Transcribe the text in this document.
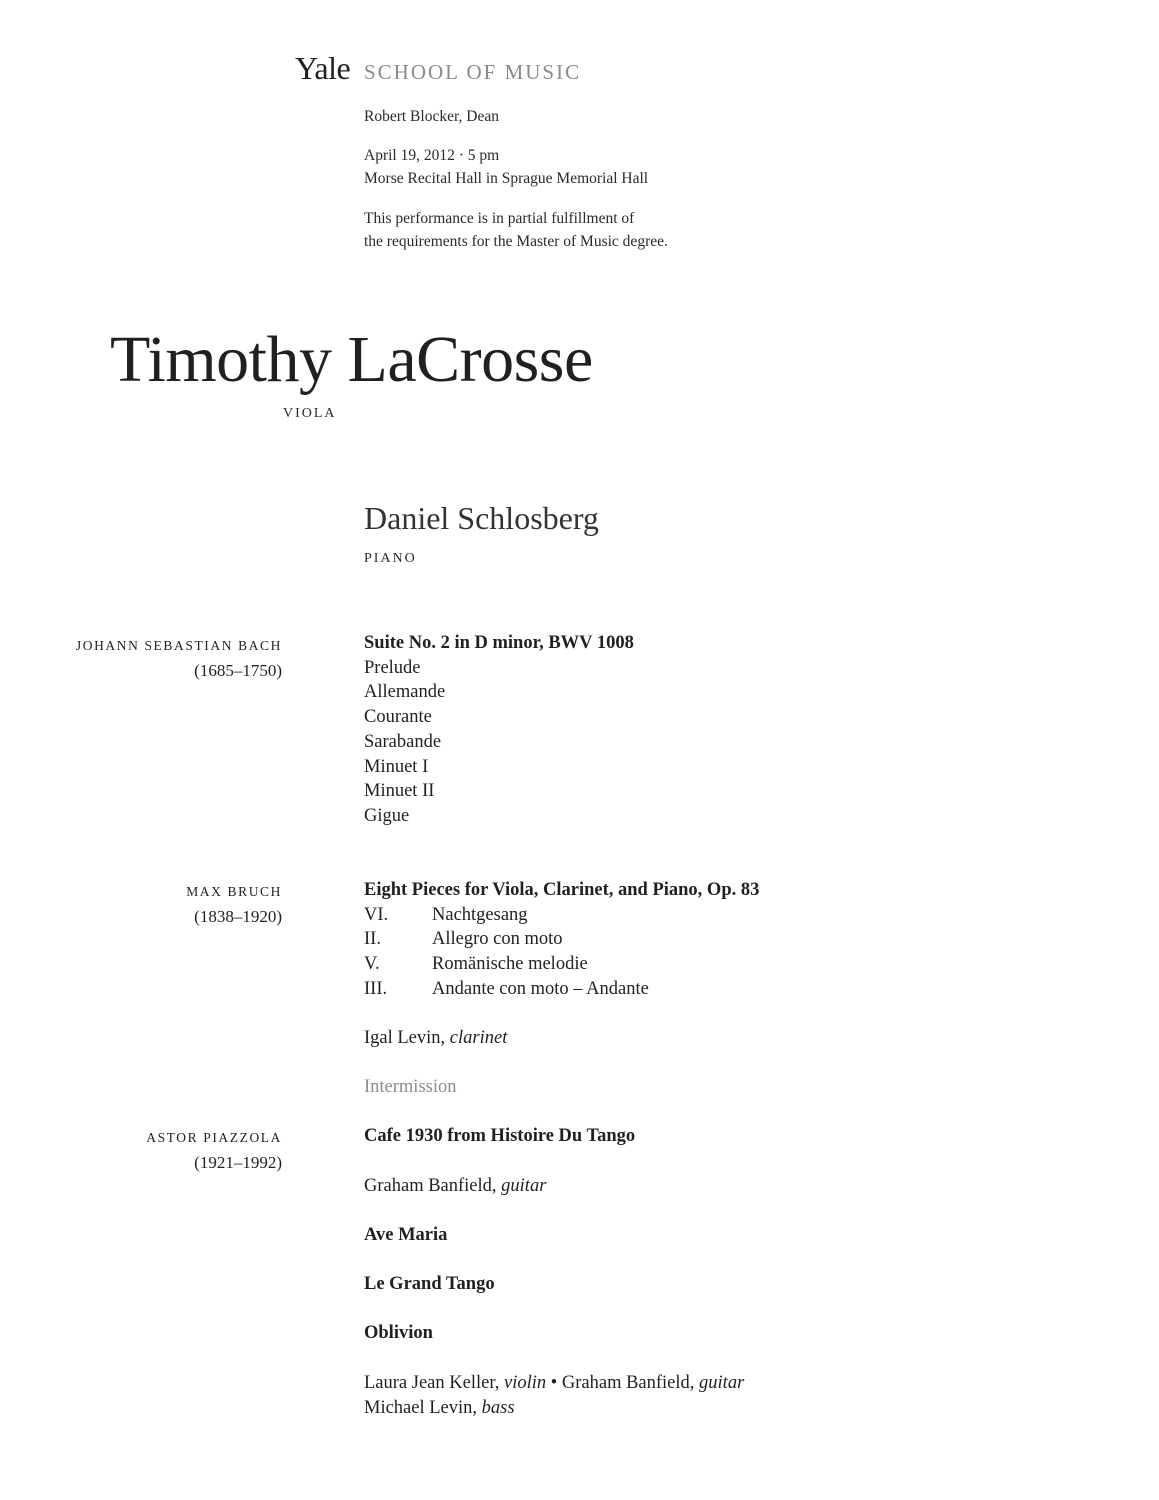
Yale SCHOOL OF MUSIC
Robert Blocker, Dean
April 19, 2012 · 5 pm
Morse Recital Hall in Sprague Memorial Hall
This performance is in partial fulfillment of
the requirements for the Master of Music degree.
Timothy LaCrosse
VIOLA
Daniel Schlosberg
PIANO
JOHANN SEBASTIAN BACH
(1685–1750)
Suite No. 2 in D minor, BWV 1008
Prelude
Allemande
Courante
Sarabande
Minuet I
Minuet II
Gigue
MAX BRUCH
(1838–1920)
Eight Pieces for Viola, Clarinet, and Piano, Op. 83
VI.	Nachtgesang
II.	Allegro con moto
V.	Romänische melodie
III.	Andante con moto – Andante
Igal Levin, clarinet
Intermission
ASTOR PIAZZOLA
(1921–1992)
Cafe 1930 from Histoire Du Tango
Graham Banfield, guitar
Ave Maria
Le Grand Tango
Oblivion
Laura Jean Keller, violin • Graham Banfield, guitar
Michael Levin, bass
